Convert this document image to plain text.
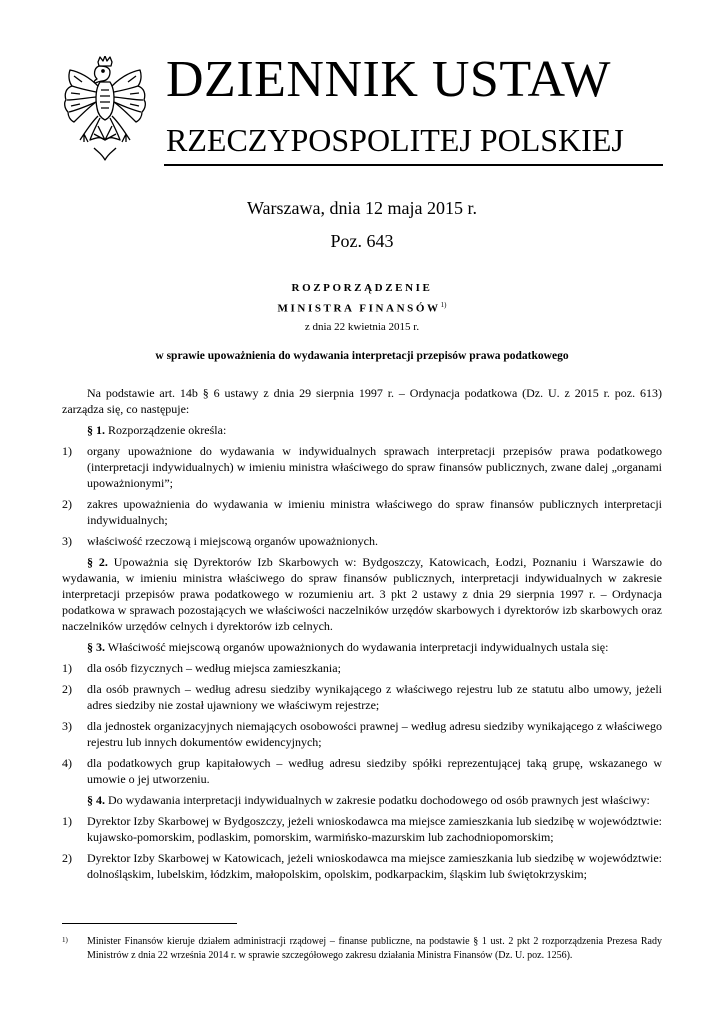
DZIENNIK USTAW
RZECZYPOSPOLITEJ POLSKIEJ
Warszawa, dnia 12 maja 2015 r.
Poz. 643
ROZPORZĄDZENIE
MINISTRA FINANSÓW$^{1)}$
z dnia 22 kwietnia 2015 r.
w sprawie upoważnienia do wydawania interpretacji przepisów prawa podatkowego

Na podstawie art. 14b § 6 ustawy z dnia 29 sierpnia 1997 r. – Ordynacja podatkowa (Dz. U. z 2015 r. poz. 613) zarządza się, co następuje:

§ 1. Rozporządzenie określa:

1)	organy upoważnione do wydawania w indywidualnych sprawach interpretacji przepisów prawa podatkowego (interpretacji indywidualnych) w imieniu ministra właściwego do spraw finansów publicznych, zwane dalej „organami upoważnionymi”;
2)	zakres upoważnienia do wydawania w imieniu ministra właściwego do spraw finansów publicznych interpretacji indywidualnych;
3)	właściwość rzeczową i miejscową organów upoważnionych.

§ 2. Upoważnia się Dyrektorów Izb Skarbowych w: Bydgoszczy, Katowicach, Łodzi, Poznaniu i Warszawie do wydawania, w imieniu ministra właściwego do spraw finansów publicznych, interpretacji indywidualnych w zakresie interpretacji przepisów prawa podatkowego w rozumieniu art. 3 pkt 2 ustawy z dnia 29 sierpnia 1997 r. – Ordynacja podatkowa w sprawach pozostających we właściwości naczelników urzędów skarbowych i dyrektorów izb skarbowych oraz naczelników urzędów celnych i dyrektorów izb celnych.

§ 3. Właściwość miejscową organów upoważnionych do wydawania interpretacji indywidualnych ustala się:

1)	dla osób fizycznych – według miejsca zamieszkania;
2)	dla osób prawnych – według adresu siedziby wynikającego z właściwego rejestru lub ze statutu albo umowy, jeżeli adres siedziby nie został ujawniony we właściwym rejestrze;
3)	dla jednostek organizacyjnych niemających osobowości prawnej – według adresu siedziby wynikającego z właściwego rejestru lub innych dokumentów ewidencyjnych;
4)	dla podatkowych grup kapitałowych – według adresu siedziby spółki reprezentującej taką grupę, wskazanego w umowie o jej utworzeniu.

§ 4. Do wydawania interpretacji indywidualnych w zakresie podatku dochodowego od osób prawnych jest właściwy:

1)	Dyrektor Izby Skarbowej w Bydgoszczy, jeżeli wnioskodawca ma miejsce zamieszkania lub siedzibę w województwie: kujawsko-pomorskim, podlaskim, pomorskim, warmińsko-mazurskim lub zachodniopomorskim;
2)	Dyrektor Izby Skarbowej w Katowicach, jeżeli wnioskodawca ma miejsce zamieszkania lub siedzibę w województwie: dolnośląskim, lubelskim, łódzkim, małopolskim, opolskim, podkarpackim, śląskim lub świętokrzyskim;
1)	Minister Finansów kieruje działem administracji rządowej – finanse publiczne, na podstawie § 1 ust. 2 pkt 2 rozporządzenia Prezesa Rady Ministrów z dnia 22 września 2014 r. w sprawie szczegółowego zakresu działania Ministra Finansów (Dz. U. poz. 1256).
